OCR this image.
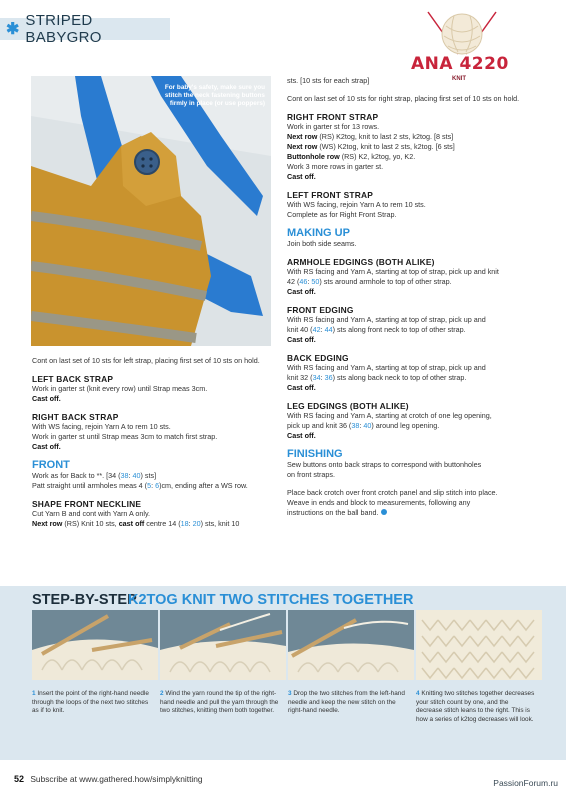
✱
STRIPED BABYGRO
ANA 4220
KNIT
For baby's safety, make sure you stitch the neck fastening buttons firmly in place (or use poppers)
Cont on last set of 10 sts for left strap, placing first set of 10 sts on hold.
LEFT BACK STRAP
Work in garter st (knit every row) until Strap meas 3cm.
Cast off.
RIGHT BACK STRAP
With WS facing, rejoin Yarn A to rem 10 sts.
Work in garter st until Strap meas 3cm to match first strap.
Cast off.
FRONT
Work as for Back to **. [34 (38: 40) sts]
Patt straight until armholes meas 4 (5: 6)cm, ending after a WS row.
SHAPE FRONT NECKLINE
Cut Yarn B and cont with Yarn A only.
Next row (RS) Knit 10 sts, cast off centre 14 (18: 20) sts, knit 10
sts. [10 sts for each strap]
Cont on last set of 10 sts for right strap, placing first set of 10 sts on hold.
RIGHT FRONT STRAP
Work in garter st for 13 rows.
Next row (RS) K2tog, knit to last 2 sts, k2tog. [8 sts]
Next row (WS) K2tog, knit to last 2 sts, k2tog. [6 sts]
Buttonhole row (RS) K2, k2tog, yo, K2.
Work 3 more rows in garter st.
Cast off.
LEFT FRONT STRAP
With WS facing, rejoin Yarn A to rem 10 sts.
Complete as for Right Front Strap.
MAKING UP
Join both side seams.
ARMHOLE EDGINGS (BOTH ALIKE)
With RS facing and Yarn A, starting at top of strap, pick up and knit
42 (46: 50) sts around armhole to top of other strap.
Cast off.
FRONT EDGING
With RS facing and Yarn A, starting at top of strap, pick up and
knit 40 (42: 44) sts along front neck to top of other strap.
Cast off.
BACK EDGING
With RS facing and Yarn A, starting at top of strap, pick up and
knit 32 (34: 36) sts along back neck to top of other strap.
Cast off.
LEG EDGINGS (BOTH ALIKE)
With RS facing and Yarn A, starting at crotch of one leg opening,
pick up and knit 36 (38: 40) around leg opening.
Cast off.
FINISHING
Sew buttons onto back straps to correspond with buttonholes
on front straps.
Place back crotch over front crotch panel and slip stitch into place.
Weave in ends and block to measurements, following any
instructions on the ball band.
STEP-BY-STEP
K2TOG KNIT TWO STITCHES TOGETHER
1 Insert the point of the right-hand needle through the loops of the next two stitches as if to knit.
2 Wind the yarn round the tip of the right-hand needle and pull the yarn through the two stitches, knitting them both together.
3 Drop the two stitches from the left-hand needle and keep the new stitch on the right-hand needle.
4 Knitting two stitches together decreases your stitch count by one, and the decrease stitch leans to the right. This is how a series of k2tog decreases will look.
52 Subscribe at www.gathered.how/simplyknitting	PassionForum.ru
